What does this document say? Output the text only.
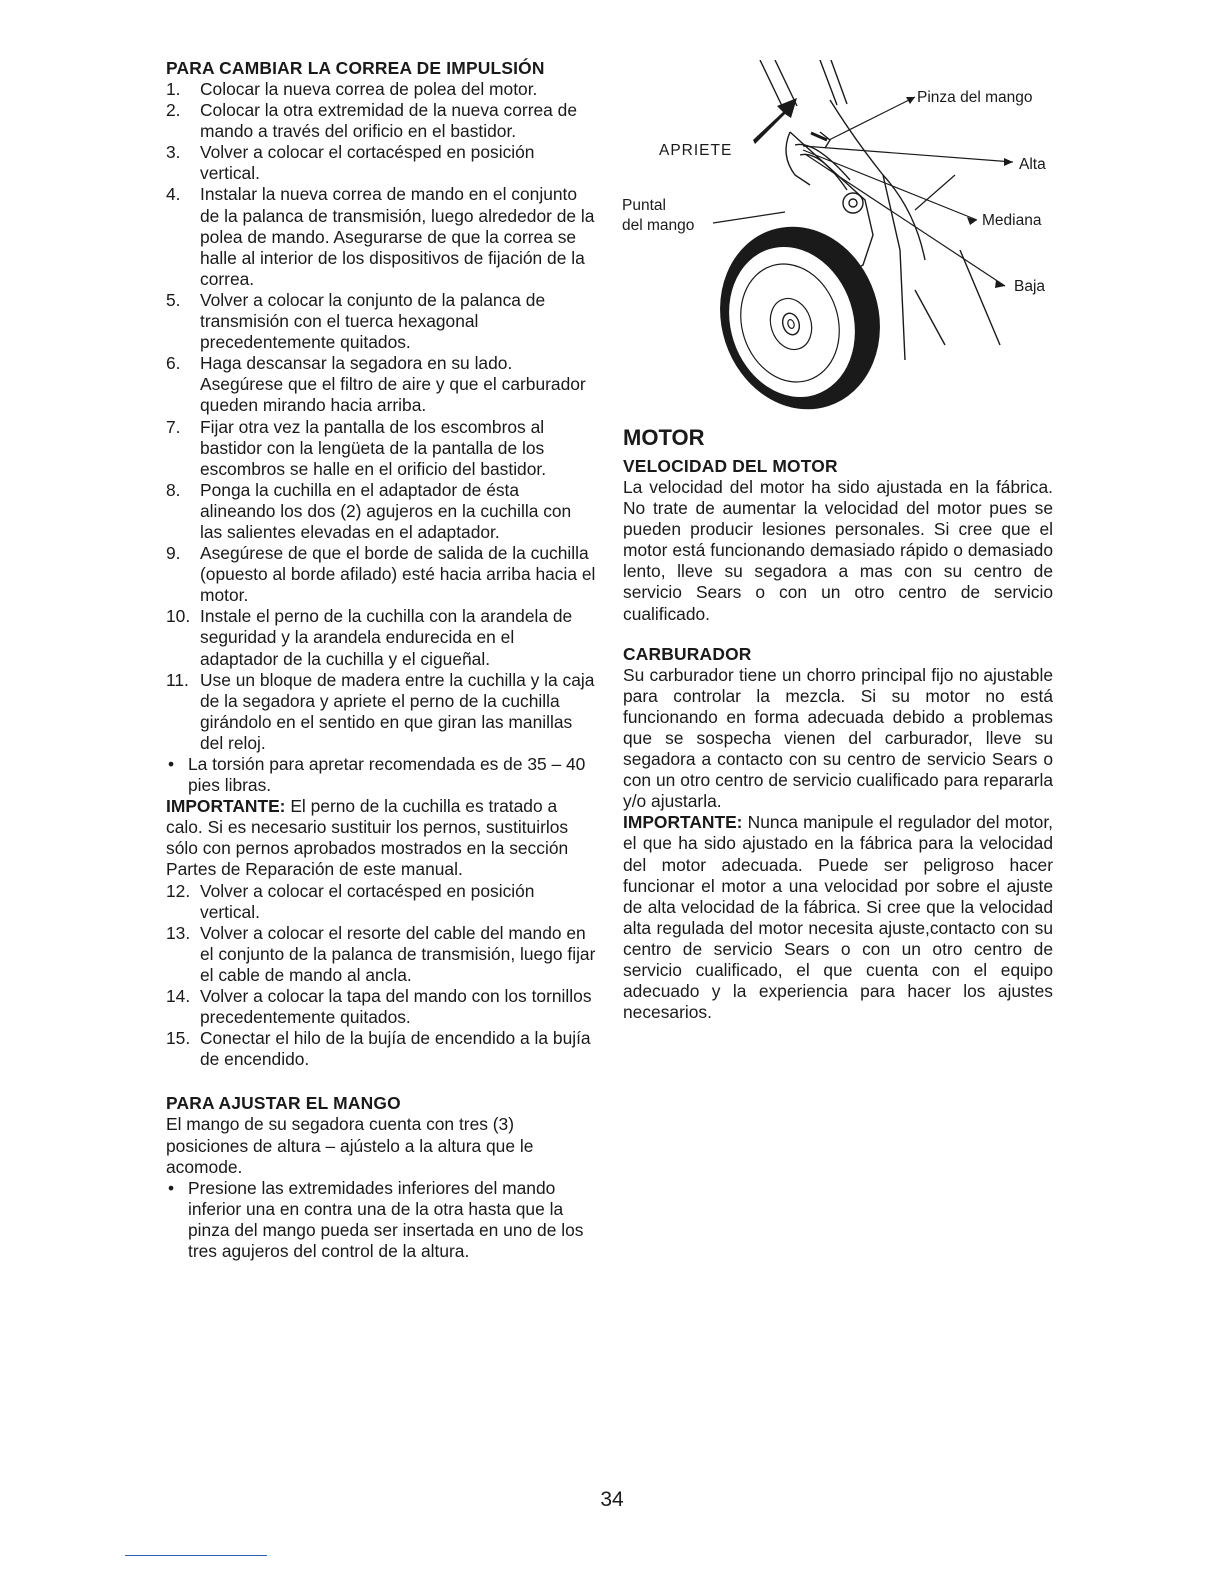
PARA CAMBIAR LA CORREA DE IMPULSIÓN
1. Colocar la nueva correa de polea del motor.
2. Colocar la otra extremidad de la nueva correa de mando a través del orificio en el bastidor.
3. Volver a colocar el cortacésped en posición vertical.
4. Instalar la nueva correa de mando en el conjunto de la palanca de transmisión, luego alrededor de la polea de mando. Asegurarse de que la correa se halle al interior de los dispositivos de fijación de la correa.
5. Volver a colocar la conjunto de la palanca de transmisión con el tuerca hexagonal precedentemente quitados.
6. Haga descansar la segadora en su lado. Asegúrese que el filtro de aire y que el carburador queden mirando hacia arriba.
7. Fijar otra vez la pantalla de los escombros al bastidor con la lengüeta de la pantalla de los escombros se halle en el orificio del bastidor.
8. Ponga la cuchilla en el adaptador de ésta alineando los dos (2) agujeros en la cuchilla con las salientes elevadas en el adaptador.
9. Asegúrese de que el borde de salida de la cuchilla (opuesto al borde afilado) esté hacia arriba hacia el motor.
10. Instale el perno de la cuchilla con la arandela de seguridad y la arandela endurecida en el adaptador de la cuchilla y el cigueñal.
11. Use un bloque de madera entre la cuchilla y la caja de la segadora y apriete el perno de la cuchilla girándolo en el sentido en que giran las manillas del reloj.
• La torsión para apretar recomendada es de 35 – 40 pies libras.

IMPORTANTE: El perno de la cuchilla es tratado a calo. Si es necesario sustituir los pernos, sustituirlos sólo con pernos aprobados mostrados en la sección Partes de Reparación de este manual.

12. Volver a colocar el cortacésped en posición vertical.
13. Volver a colocar el resorte del cable del mando en el conjunto de la palanca de transmisión, luego fijar el cable de mando al ancla.
14. Volver a colocar la tapa del mando con los tornillos precedentemente quitados.
15. Conectar el hilo de la bujía de encendido a la bujía de encendido.
PARA AJUSTAR EL MANGO

El mango de su segadora cuenta con tres (3) posiciones de altura – ajústelo a la altura que le acomode.

• Presione las extremidades inferiores del mando inferior una en contra una de la otra hasta que la pinza del mango pueda ser insertada en uno de los tres agujeros del control de la altura.
APRIETE
Pinza del mango
Alta
Puntal
del mango	Mediana
Baja
MOTOR
VELOCIDAD DEL MOTOR

La velocidad del motor ha sido ajustada en la fábrica. No trate de aumentar la velocidad del motor pues se pueden producir lesiones personales. Si cree que el motor está funcionando demasiado rápido o demasiado lento, lleve su segadora a mas con su centro de servicio Sears o con un otro centro de servicio cualificado.

CARBURADOR

Su carburador tiene un chorro principal fijo no ajustable para controlar la mezcla. Si su motor no está funcionando en forma adecuada debido a problemas que se sospecha vienen del carburador, lleve su segadora a contacto con su centro de servicio Sears o con un otro centro de servicio cualificado para repararla y/o ajustarla.

IMPORTANTE: Nunca manipule el regulador del motor, el que ha sido ajustado en la fábrica para la velocidad del motor adecuada. Puede ser peligroso hacer funcionar el motor a una velocidad por sobre el ajuste de alta velocidad de la fábrica. Si cree que la velocidad alta regulada del motor necesita ajuste,contacto con su centro de servicio Sears o con un otro centro de servicio cualificado, el que cuenta con el equipo adecuado y la experiencia para hacer los ajustes necesarios.

34
